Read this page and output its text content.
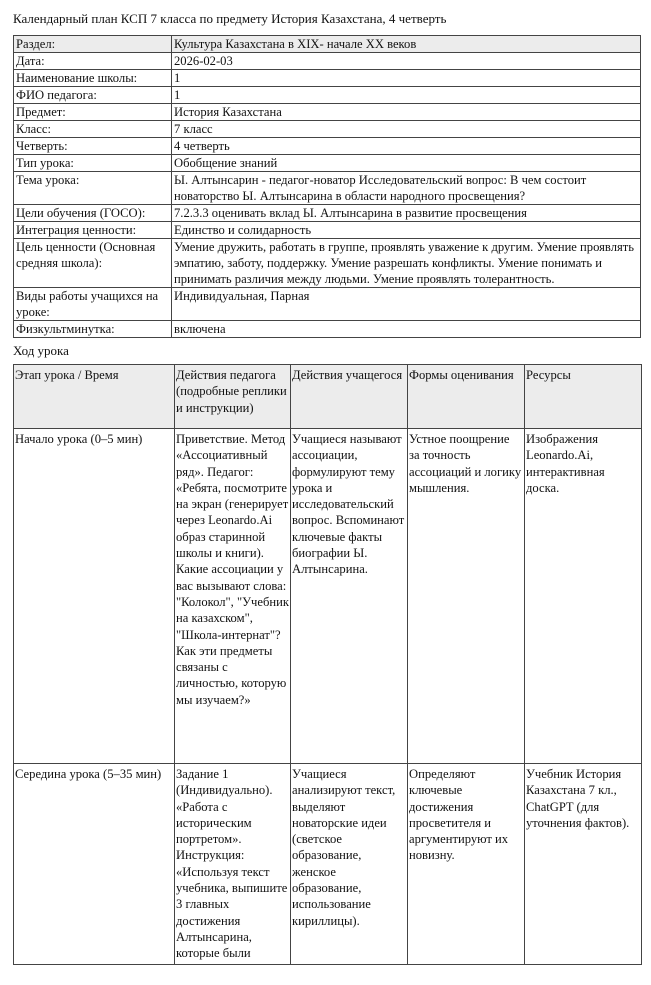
Календарный план КСП 7 класса по предмету История Казахстана, 4 четверть
Раздел:	Культура Казахстана в XIX- начале XX веков
Дата:	2026-02-03
Наименование школы:	1
ФИО педагога:	1
Предмет:	История Казахстана
Класс:	7 класс
Четверть:	4 четверть
Тип урока:	Обобщение знаний
Тема урока:	Ы. Алтынсарин - педагог-новатор Исследовательский вопрос: В чем состоит новаторство Ы. Алтынсарина в области народного просвещения?
Цели обучения (ГОСО):	7.2.3.3 оценивать вклад Ы. Алтынсарина в развитие просвещения
Интеграция ценности:	Единство и солидарность
Цель ценности (Основная средняя школа):	Умение дружить, работать в группе, проявлять уважение к другим. Умение проявлять эмпатию, заботу, поддержку. Умение разрешать конфликты. Умение понимать и принимать различия между людьми. Умение проявлять толерантность.
Виды работы учащихся на уроке:	Индивидуальная, Парная
Физкультминутка:	включена
Ход урока
Этап урока / Время	Действия педагога (подробные реплики и инструкции)	Действия учащегося	Формы оценивания	Ресурсы
Начало урока (0–5 мин)	Приветствие. Метод «Ассоциативный ряд». Педагог: «Ребята, посмотрите на экран (генерирует через Leonardo.Ai образ старинной школы и книги). Какие ассоциации у вас вызывают слова: "Колокол", "Учебник на казахском", "Школа-интернат"? Как эти предметы связаны с личностью, которую мы изучаем?»	Учащиеся называют ассоциации, формулируют тему урока и исследовательский вопрос. Вспоминают ключевые факты биографии Ы. Алтынсарина.	Устное поощрение за точность ассоциаций и логику мышления.	Изображения Leonardo.Ai, интерактивная доска.
Середина урока (5–35 мин)	Задание 1 (Индивидуально). «Работа с историческим портретом». Инструкция: «Используя текст учебника, выпишите 3 главных достижения Алтынсарина, которые были	Учащиеся анализируют текст, выделяют новаторские идеи (светское образование, женское образование, использование кириллицы).	Определяют ключевые достижения просветителя и аргументируют их новизну.	Учебник История Казахстана 7 кл., ChatGPT (для уточнения фактов).
